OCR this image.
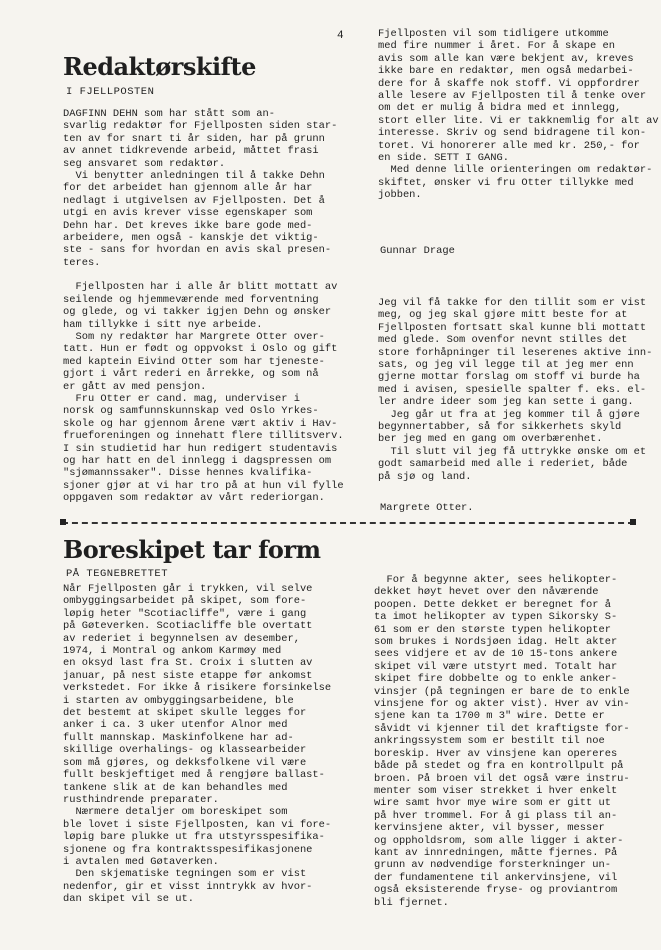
4
Redaktørskifte
I FJELLPOSTEN

DAGFINN DEHN som har stått som an-
svarlig redaktør for Fjellposten siden star-
ten av for snart ti år siden, har på grunn
av annet tidkrevende arbeid, måttet frasi
seg ansvaret som redaktør.

Vi benytter anledningen til å takke Dehn
for det arbeidet han gjennom alle år har
nedlagt i utgivelsen av Fjellposten. Det å
utgi en avis krever visse egenskaper som
Dehn har. Det kreves ikke bare gode med-
arbeidere, men også - kanskje det viktig-
ste - sans for hvordan en avis skal presen-
teres.

Fjellposten har i alle år blitt mottatt av
seilende og hjemmeværende med forventning
og glede, og vi takker igjen Dehn og ønsker
ham tillykke i sitt nye arbeide.

Som ny redaktør har Margrete Otter over-
tatt. Hun er født og oppvokst i Oslo og gift
med kaptein Eivind Otter som har tjeneste-
gjort i vårt rederi en årrekke, og som nå
er gått av med pensjon.

Fru Otter er cand. mag, underviser i
norsk og samfunnskunnskap ved Oslo Yrkes-
skole og har gjennom årene vært aktiv i Hav-
frueforeningen og innehatt flere tillitsverv.
I sin studietid har hun redigert studentavis
og har hatt en del innlegg i dagspressen om
"sjømannssaker". Disse hennes kvalifika-
sjoner gjør at vi har tro på at hun vil fylle
oppgaven som redaktør av vårt rederiorgan.

Fjellposten vil som tidligere utkomme
med fire nummer i året. For å skape en
avis som alle kan være bekjent av, kreves
ikke bare en redaktør, men også medarbei-
dere for å skaffe nok stoff. Vi oppfordrer
alle lesere av Fjellposten til å tenke over
om det er mulig å bidra med et innlegg,
stort eller lite. Vi er takknemlig for alt av
interesse. Skriv og send bidragene til kon-
toret. Vi honorerer alle med kr. 250,- for
en side. SETT I GANG.

Med denne lille orienteringen om redaktør-
skiftet, ønsker vi fru Otter tillykke med
jobben.

Gunnar Drage

Jeg vil få takke for den tillit som er vist
meg, og jeg skal gjøre mitt beste for at
Fjellposten fortsatt skal kunne bli mottatt
med glede. Som ovenfor nevnt stilles det
store forhåpninger til leserenes aktive inn-
sats, og jeg vil legge til at jeg mer enn
gjerne mottar forslag om stoff vi burde ha
med i avisen, spesielle spalter f. eks. el-
ler andre ideer som jeg kan sette i gang.
Jeg går ut fra at jeg kommer til å gjøre
begynnertabber, så for sikkerhets skyld
ber jeg med en gang om overbærenhet.
Til slutt vil jeg få uttrykke ønske om et
godt samarbeid med alle i rederiet, både
på sjø og land.

Margrete Otter.
Boreskipet tar form
PÅ TEGNEBRETTET

Når Fjellposten går i trykken, vil selve
ombyggingsarbeidet på skipet, som fore-
løpig heter "Scotiacliffe", være i gang
på Gøteverken. Scotiacliffe ble overtatt
av rederiet i begynnelsen av desember,
1974, i Montral og ankom Karmøy med
en oksyd last fra St. Croix i slutten av
januar, på nest siste etappe før ankomst
verkstedet. For ikke å risikere forsinkelse
i starten av ombyggingsarbeidene, ble
det bestemt at skipet skulle legges for
anker i ca. 3 uker utenfor Alnor med
fullt mannskap. Maskinfolkene har ad-
skillige overhalings- og klassearbeider
som må gjøres, og dekksfolkene vil være
fullt beskjeftiget med å rengjøre ballast-
tankene slik at de kan behandles med
rusthindrende preparater.
Nærmere detaljer om boreskipet som
ble lovet i siste Fjellposten, kan vi fore-
løpig bare plukke ut fra utstyrsspesifika-
sjonene og fra kontraktsspesifikasjonene
i avtalen med Gøtaverken.
Den skjematiske tegningen som er vist
nedenfor, gir et visst inntrykk av hvor-
dan skipet vil se ut.

For å begynne akter, sees helikopter-
dekket høyt hevet over den nåværende
poopen. Dette dekket er beregnet for å
ta imot helikopter av typen Sikorsky S-
61 som er den største typen helikopter
som brukes i Nordsjøen idag. Helt akter
sees vidjere et av de 10 15-tons ankere
skipet vil være utstyrt med. Totalt har
skipet fire dobbelte og to enkle anker-
vinsjer (på tegningen er bare de to enkle
vinsjene for og akter vist). Hver av vin-
sjene kan ta 1700 m 3" wire. Dette er
såvidt vi kjenner til det kraftigste for-
ankringssystem som er bestilt til noe
boreskip. Hver av vinsjene kan opereres
både på stedet og fra en kontrollpult på
broen. På broen vil det også være instru-
menter som viser strekket i hver enkelt
wire samt hvor mye wire som er gitt ut
på hver trommel. For å gi plass til an-
kervinsjene akter, vil bysser, messer
og oppholdsrom, som alle ligger i akter-
kant av innredningen, måtte fjernes. På
grunn av nødvendige forsterkninger un-
der fundamentene til ankervinsjene, vil
også eksisterende fryse- og proviantrom
bli fjernet.
